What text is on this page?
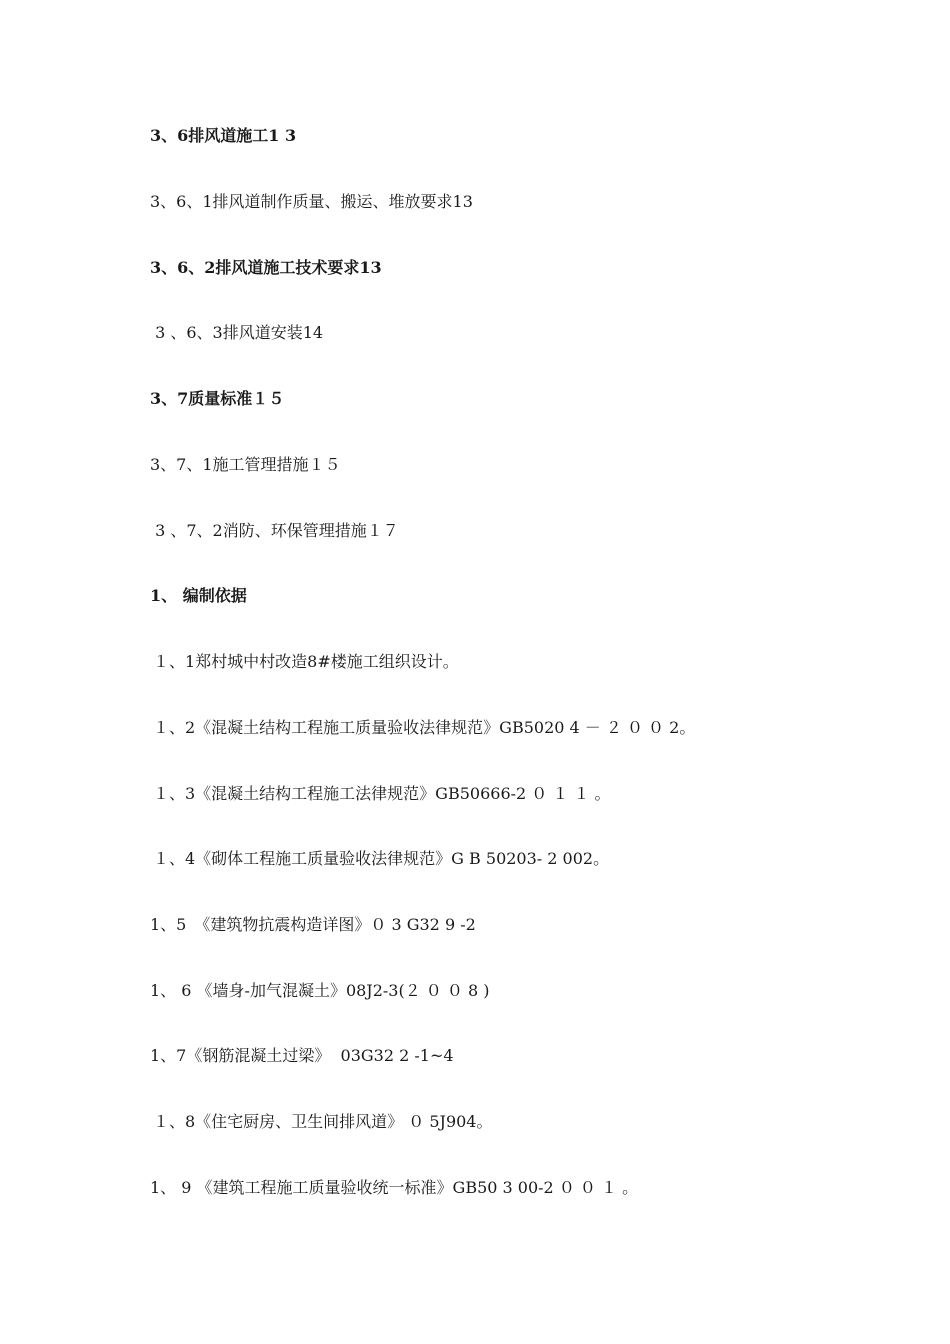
3、6排风道施工1 3
3、6、1排风道制作质量、搬运、堆放要求13
3、6、2排风道施工技术要求13
3 、6、3排风道安装14
3、7质量标准１５
3、7、1施工管理措施１５
3 、7、2消防、环保管理措施１７
1、 编制依据
１、1郑村城中村改造8#楼施工组织设计。
１、2《混凝土结构工程施工质量验收法律规范》GB5020 4 － ２ ０ ０ 2。
１、3《混凝土结构工程施工法律规范》GB50666-2 ０ １ １ 。
１、4《砌体工程施工质量验收法律规范》G B 50203- 2 002。
1、5　《建筑物抗震构造详图》０ 3 G32 9 -2
1、 6 《墙身-加气混凝土》08J2-3(２ ０ ０ 8 )
1、7《钢筋混凝土过梁》  03G32 2 -1~4
１、8《住宅厨房、卫生间排风道》 ０ 5J904。
1、 9 《建筑工程施工质量验收统一标准》GB50 3 00-2 ０ ０ １ 。
